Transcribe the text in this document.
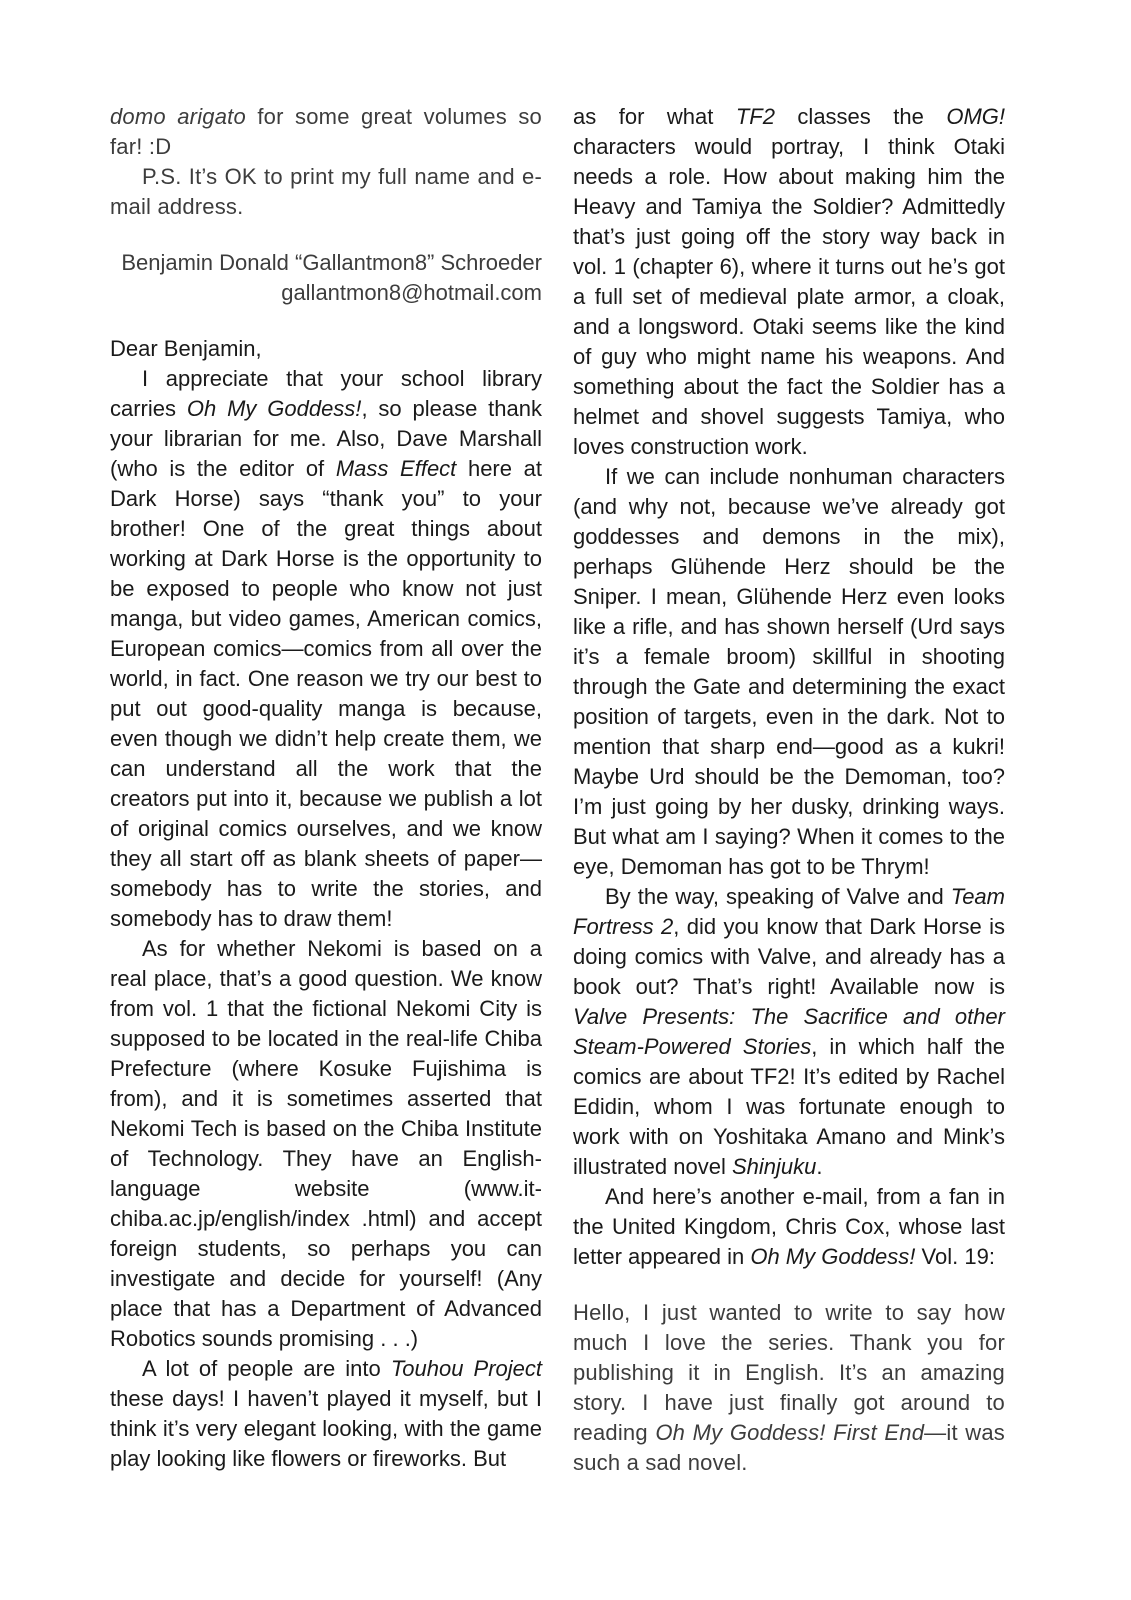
domo arigato for some great volumes so far! :D

P.S. It’s OK to print my full name and e-mail address.

Benjamin Donald “Gallantmon8” Schroeder

gallantmon8@hotmail.com

Dear Benjamin,

I appreciate that your school library carries Oh My Goddess!, so please thank your librarian for me. Also, Dave Marshall (who is the editor of Mass Effect here at Dark Horse) says “thank you” to your brother! One of the great things about working at Dark Horse is the opportunity to be exposed to people who know not just manga, but video games, American comics, European comics—comics from all over the world, in fact. One reason we try our best to put out good-quality manga is because, even though we didn’t help create them, we can understand all the work that the creators put into it, because we publish a lot of original comics ourselves, and we know they all start off as blank sheets of paper—somebody has to write the stories, and somebody has to draw them!

As for whether Nekomi is based on a real place, that’s a good question. We know from vol. 1 that the fictional Nekomi City is supposed to be located in the real-life Chiba Prefecture (where Kosuke Fujishima is from), and it is sometimes asserted that Nekomi Tech is based on the Chiba Institute of Technology. They have an English-language website (www.it-chiba.ac.jp/english/index .html) and accept foreign students, so perhaps you can investigate and decide for yourself! (Any place that has a Department of Advanced Robotics sounds promising . . .)

A lot of people are into Touhou Project these days! I haven’t played it myself, but I think it’s very elegant looking, with the game play looking like flowers or fireworks. But

as for what TF2 classes the OMG! characters would portray, I think Otaki needs a role. How about making him the Heavy and Tamiya the Soldier? Admittedly that’s just going off the story way back in vol. 1 (chapter 6), where it turns out he’s got a full set of medieval plate armor, a cloak, and a longsword. Otaki seems like the kind of guy who might name his weapons. And something about the fact the Soldier has a helmet and shovel suggests Tamiya, who loves construction work.

If we can include nonhuman characters (and why not, because we’ve already got goddesses and demons in the mix), perhaps Glühende Herz should be the Sniper. I mean, Glühende Herz even looks like a rifle, and has shown herself (Urd says it’s a female broom) skillful in shooting through the Gate and determining the exact position of targets, even in the dark. Not to mention that sharp end—good as a kukri! Maybe Urd should be the Demoman, too? I’m just going by her dusky, drinking ways. But what am I saying? When it comes to the eye, Demoman has got to be Thrym!

By the way, speaking of Valve and Team Fortress 2, did you know that Dark Horse is doing comics with Valve, and already has a book out? That’s right! Available now is Valve Presents: The Sacrifice and other Steam-Powered Stories, in which half the comics are about TF2! It’s edited by Rachel Edidin, whom I was fortunate enough to work with on Yoshitaka Amano and Mink’s illustrated novel Shinjuku.

And here’s another e-mail, from a fan in the United Kingdom, Chris Cox, whose last letter appeared in Oh My Goddess! Vol. 19:

Hello, I just wanted to write to say how much I love the series. Thank you for publishing it in English. It’s an amazing story. I have just finally got around to reading Oh My Goddess! First End—it was such a sad novel.
